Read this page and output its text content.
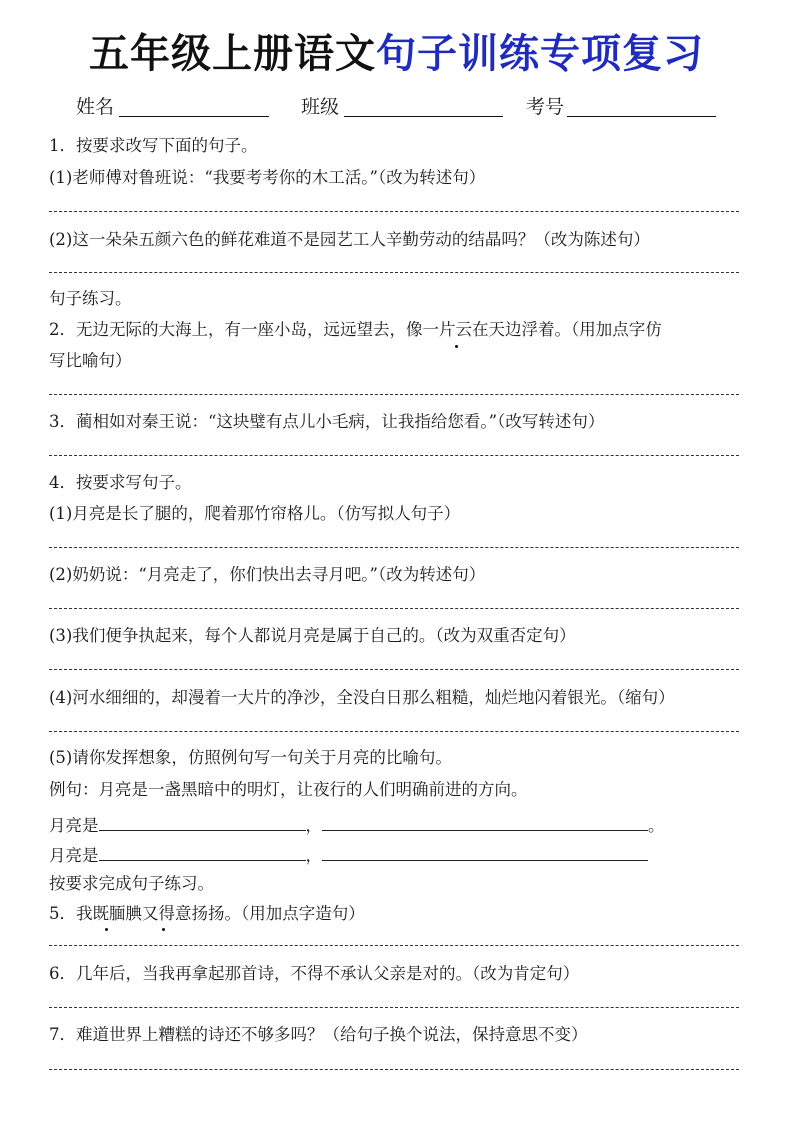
五年级上册语文句子训练专项复习
姓名	班级	考号
1．按要求改写下面的句子。
(1)老师傅对鲁班说：“我要考考你的木工活。”（改为转述句）
(2)这一朵朵五颜六色的鲜花难道不是园艺工人辛勤劳动的结晶吗？（改为陈述句）
句子练习。
2．无边无际的大海上，有一座小岛，远远望去，像一片云在天边浮着。（用加点字仿
写比喻句）
3．蔺相如对秦王说：“这块璧有点儿小毛病，让我指给您看。”（改写转述句）
4．按要求写句子。
(1)月亮是长了腿的，爬着那竹帘格儿。（仿写拟人句子）
(2)奶奶说：“月亮走了，你们快出去寻月吧。”（改为转述句）
(3)我们便争执起来，每个人都说月亮是属于自己的。（改为双重否定句）
(4)河水细细的，却漫着一大片的净沙，全没白日那么粗糙，灿烂地闪着银光。（缩句）
(5)请你发挥想象，仿照例句写一句关于月亮的比喻句。
例句：月亮是一盏黑暗中的明灯，让夜行的人们明确前进的方向。
月亮是	，	。
月亮是	，
按要求完成句子练习。
5．我既腼腆又得意扬扬。（用加点字造句）
6．几年后，当我再拿起那首诗，不得不承认父亲是对的。（改为肯定句）
7．难道世界上糟糕的诗还不够多吗？（给句子换个说法，保持意思不变）
